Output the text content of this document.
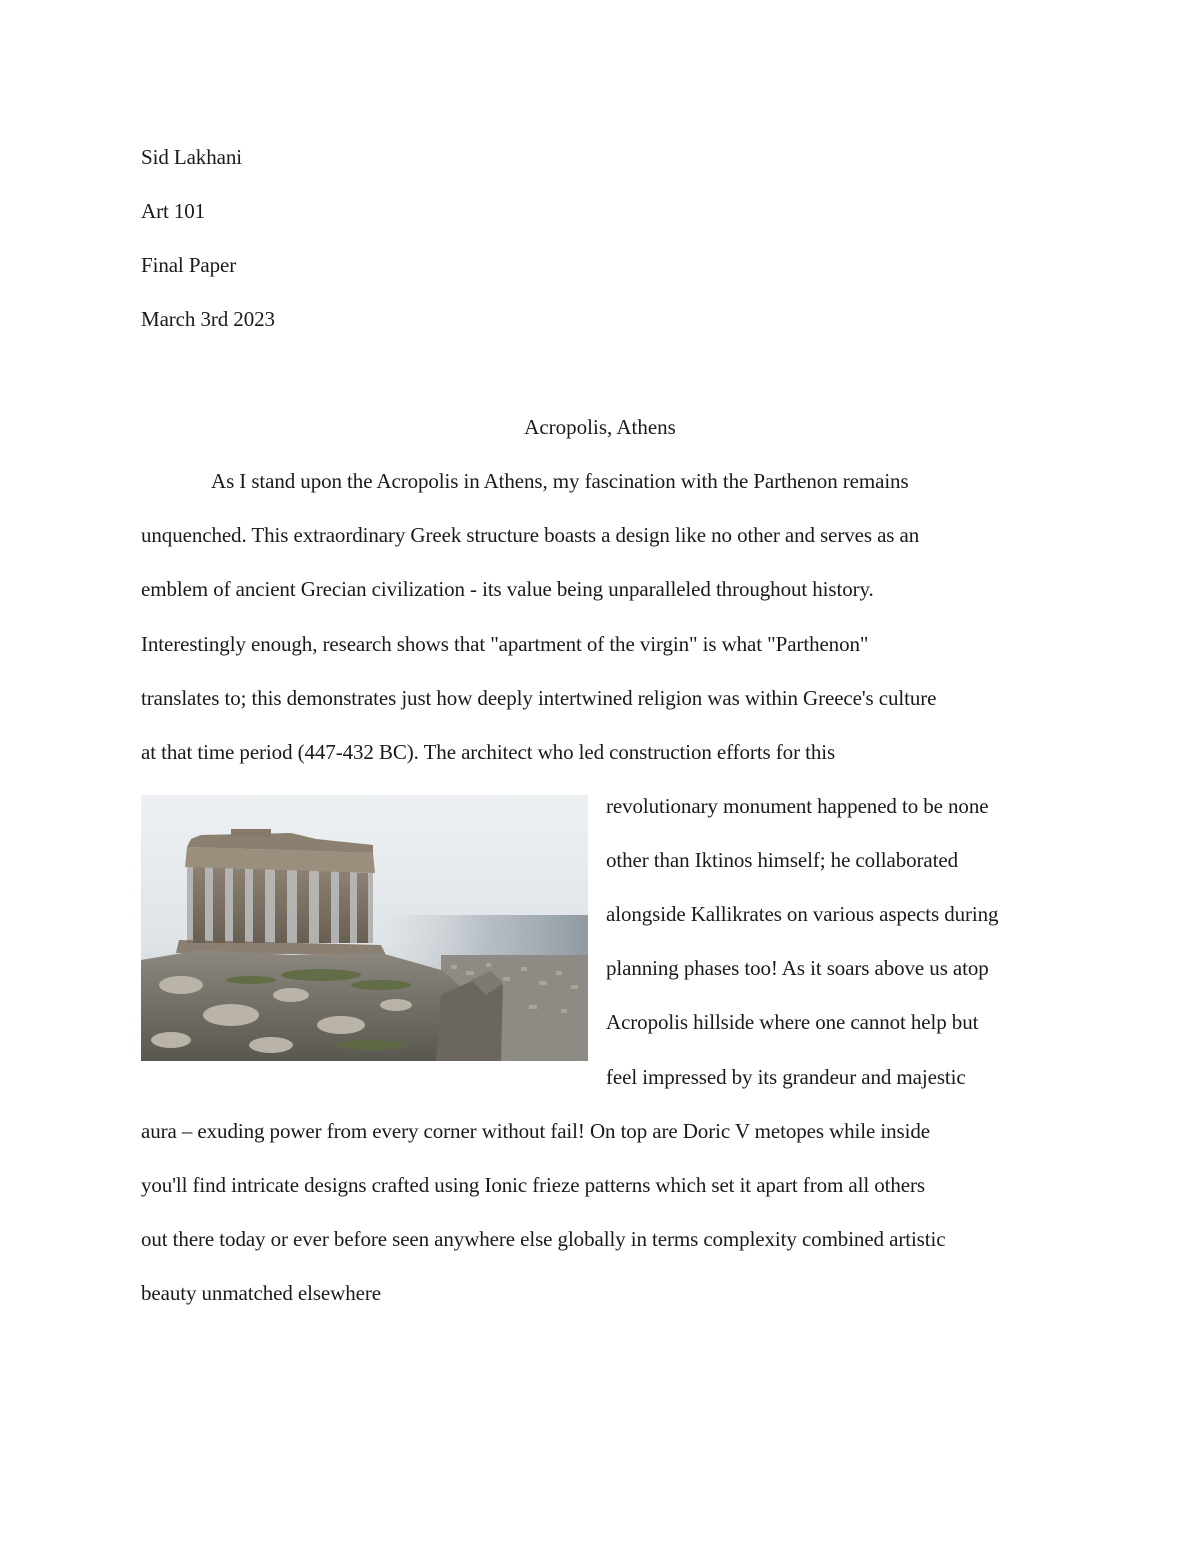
Sid Lakhani
Art 101
Final Paper
March 3rd 2023
Acropolis, Athens
As I stand upon the Acropolis in Athens, my fascination with the Parthenon remains
unquenched. This extraordinary Greek structure boasts a design like no other and serves as an
emblem of ancient Grecian civilization - its value being unparalleled throughout history.
Interestingly enough, research shows that "apartment of the virgin" is what "Parthenon"
translates to; this demonstrates just how deeply intertwined religion was within Greece's culture
at that time period (447-432 BC). The architect who led construction efforts for this
revolutionary monument happened to be none
other than Iktinos himself; he collaborated
alongside Kallikrates on various aspects during
planning phases too! As it soars above us atop
Acropolis hillside where one cannot help but
feel impressed by its grandeur and majestic
aura – exuding power from every corner without fail! On top are Doric V metopes while inside
you'll find intricate designs crafted using Ionic frieze patterns which set it apart from all others
out there today or ever before seen anywhere else globally in terms complexity combined artistic
beauty unmatched elsewhere
